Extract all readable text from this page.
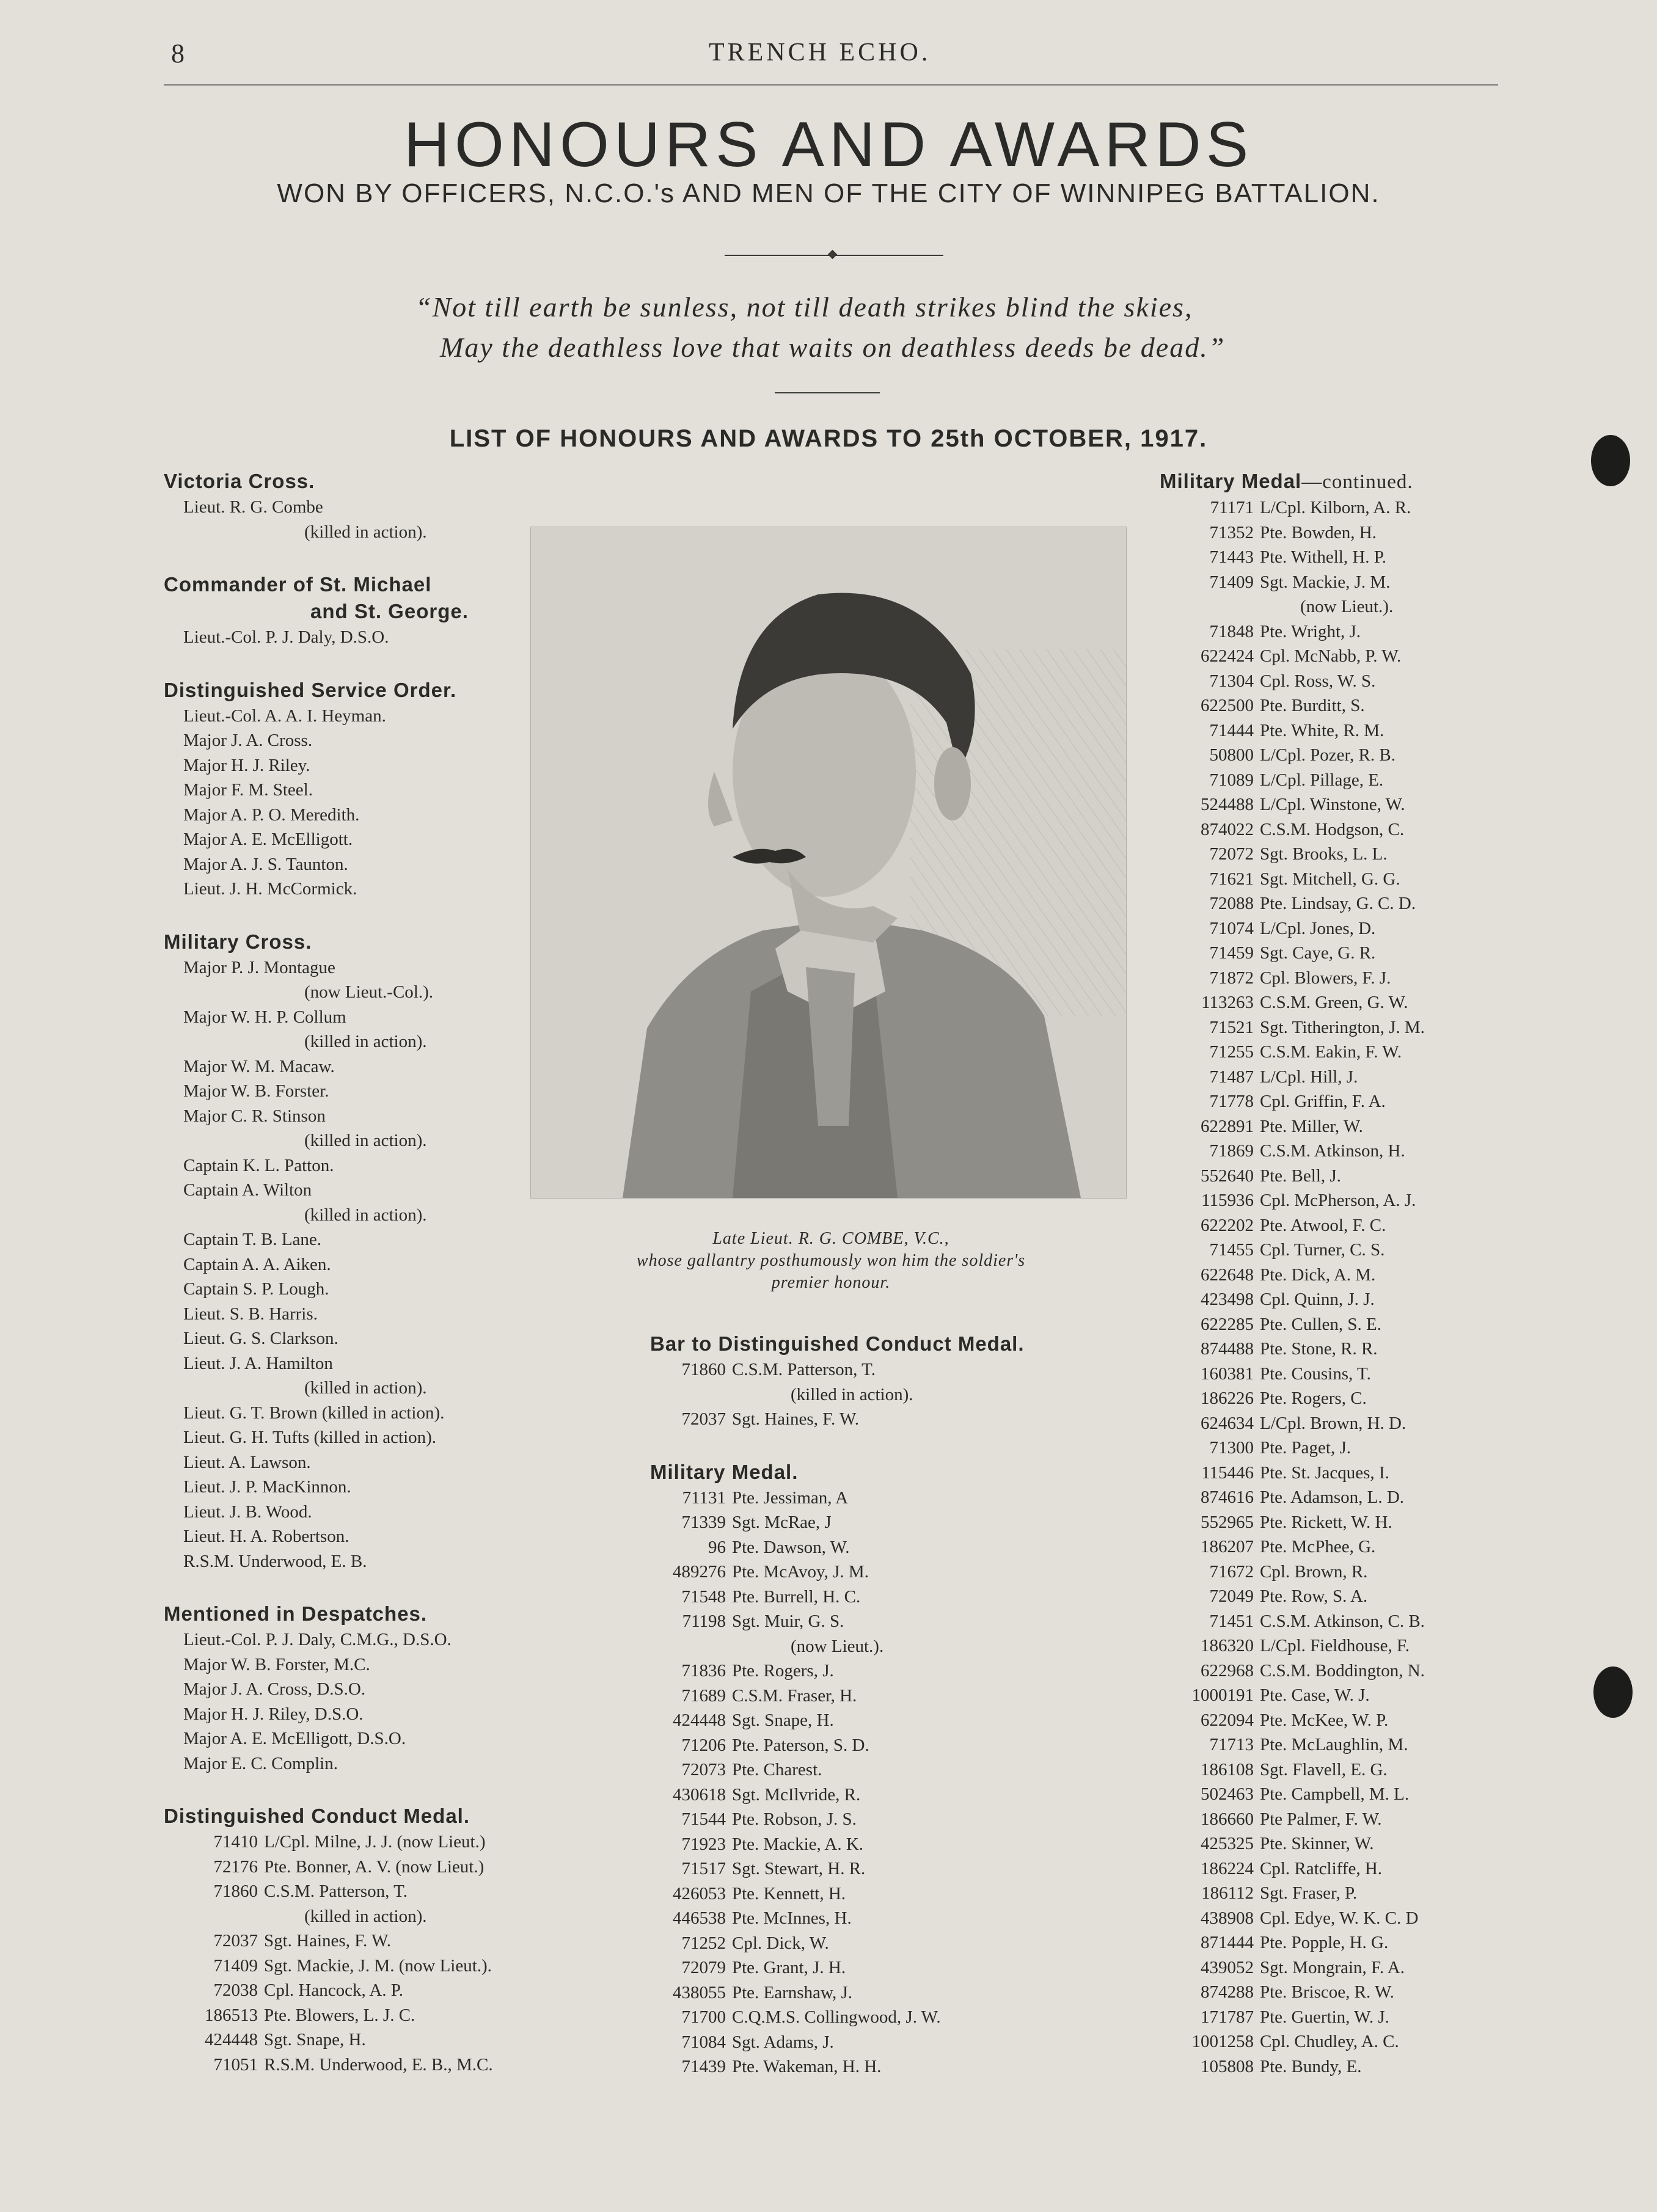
8	TRENCH ECHO.
HONOURS AND AWARDS
WON BY OFFICERS, N.C.O.'s AND MEN OF THE CITY OF WINNIPEG BATTALION.
“Not till earth be sunless, not till death strikes blind the skies,
May the deathless love that waits on deathless deeds be dead.”
LIST OF HONOURS AND AWARDS TO 25th OCTOBER, 1917.
Victoria Cross.
Lieut. R. G. Combe
(killed in action).
Commander of St. Michael
and St. George.
Lieut.-Col. P. J. Daly, D.S.O.
Distinguished Service Order.
Lieut.-Col. A. A. I. Heyman.
Major J. A. Cross.
Major H. J. Riley.
Major F. M. Steel.
Major A. P. O. Meredith.
Major A. E. McElligott.
Major A. J. S. Taunton.
Lieut. J. H. McCormick.
Military Cross.
Major P. J. Montague
(now Lieut.-Col.).
Major W. H. P. Collum
(killed in action).
Major W. M. Macaw.
Major W. B. Forster.
Major C. R. Stinson
(killed in action).
Captain K. L. Patton.
Captain A. Wilton
(killed in action).
Captain T. B. Lane.
Captain A. A. Aiken.
Captain S. P. Lough.
Lieut. S. B. Harris.
Lieut. G. S. Clarkson.
Lieut. J. A. Hamilton
(killed in action).
Lieut. G. T. Brown (killed in action).
Lieut. G. H. Tufts (killed in action).
Lieut. A. Lawson.
Lieut. J. P. MacKinnon.
Lieut. J. B. Wood.
Lieut. H. A. Robertson.
R.S.M. Underwood, E. B.
Mentioned in Despatches.
Lieut.-Col. P. J. Daly, C.M.G., D.S.O.
Major W. B. Forster, M.C.
Major J. A. Cross, D.S.O.
Major H. J. Riley, D.S.O.
Major A. E. McElligott, D.S.O.
Major E. C. Complin.
Distinguished Conduct Medal.
71410 L/Cpl. Milne, J. J. (now Lieut.)
72176 Pte. Bonner, A. V. (now Lieut.)
71860 C.S.M. Patterson, T.
(killed in action).
72037 Sgt. Haines, F. W.
71409 Sgt. Mackie, J. M. (now Lieut.).
72038 Cpl. Hancock, A. P.
186513 Pte. Blowers, L. J. C.
424448 Sgt. Snape, H.
71051 R.S.M. Underwood, E. B., M.C.
Late Lieut. R. G. COMBE, V.C.,
whose gallantry posthumously won him the soldier's
premier honour.
Bar to Distinguished Conduct Medal.
71860 C.S.M. Patterson, T.
(killed in action).
72037 Sgt. Haines, F. W.
Military Medal.
71131 Pte. Jessiman, A
71339 Sgt. McRae, J
96 Pte. Dawson, W.
489276 Pte. McAvoy, J. M.
71548 Pte. Burrell, H. C.
71198 Sgt. Muir, G. S.
(now Lieut.).
71836 Pte. Rogers, J.
71689 C.S.M. Fraser, H.
424448 Sgt. Snape, H.
71206 Pte. Paterson, S. D.
72073 Pte. Charest.
430618 Sgt. McIlvride, R.
71544 Pte. Robson, J. S.
71923 Pte. Mackie, A. K.
71517 Sgt. Stewart, H. R.
426053 Pte. Kennett, H.
446538 Pte. McInnes, H.
71252 Cpl. Dick, W.
72079 Pte. Grant, J. H.
438055 Pte. Earnshaw, J.
71700 C.Q.M.S. Collingwood, J. W.
71084 Sgt. Adams, J.
71439 Pte. Wakeman, H. H.
Military Medal—continued.
71171 L/Cpl. Kilborn, A. R.
71352 Pte. Bowden, H.
71443 Pte. Withell, H. P.
71409 Sgt. Mackie, J. M.
(now Lieut.).
71848 Pte. Wright, J.
622424 Cpl. McNabb, P. W.
71304 Cpl. Ross, W. S.
622500 Pte. Burditt, S.
71444 Pte. White, R. M.
50800 L/Cpl. Pozer, R. B.
71089 L/Cpl. Pillage, E.
524488 L/Cpl. Winstone, W.
874022 C.S.M. Hodgson, C.
72072 Sgt. Brooks, L. L.
71621 Sgt. Mitchell, G. G.
72088 Pte. Lindsay, G. C. D.
71074 L/Cpl. Jones, D.
71459 Sgt. Caye, G. R.
71872 Cpl. Blowers, F. J.
113263 C.S.M. Green, G. W.
71521 Sgt. Titherington, J. M.
71255 C.S.M. Eakin, F. W.
71487 L/Cpl. Hill, J.
71778 Cpl. Griffin, F. A.
622891 Pte. Miller, W.
71869 C.S.M. Atkinson, H.
552640 Pte. Bell, J.
115936 Cpl. McPherson, A. J.
622202 Pte. Atwool, F. C.
71455 Cpl. Turner, C. S.
622648 Pte. Dick, A. M.
423498 Cpl. Quinn, J. J.
622285 Pte. Cullen, S. E.
874488 Pte. Stone, R. R.
160381 Pte. Cousins, T.
186226 Pte. Rogers, C.
624634 L/Cpl. Brown, H. D.
71300 Pte. Paget, J.
115446 Pte. St. Jacques, I.
874616 Pte. Adamson, L. D.
552965 Pte. Rickett, W. H.
186207 Pte. McPhee, G.
71672 Cpl. Brown, R.
72049 Pte. Row, S. A.
71451 C.S.M. Atkinson, C. B.
186320 L/Cpl. Fieldhouse, F.
622968 C.S.M. Boddington, N.
1000191 Pte. Case, W. J.
622094 Pte. McKee, W. P.
71713 Pte. McLaughlin, M.
186108 Sgt. Flavell, E. G.
502463 Pte. Campbell, M. L.
186660 Pte Palmer, F. W.
425325 Pte. Skinner, W.
186224 Cpl. Ratcliffe, H.
186112 Sgt. Fraser, P.
438908 Cpl. Edye, W. K. C. D
871444 Pte. Popple, H. G.
439052 Sgt. Mongrain, F. A.
874288 Pte. Briscoe, R. W.
171787 Pte. Guertin, W. J.
1001258 Cpl. Chudley, A. C.
105808 Pte. Bundy, E.
